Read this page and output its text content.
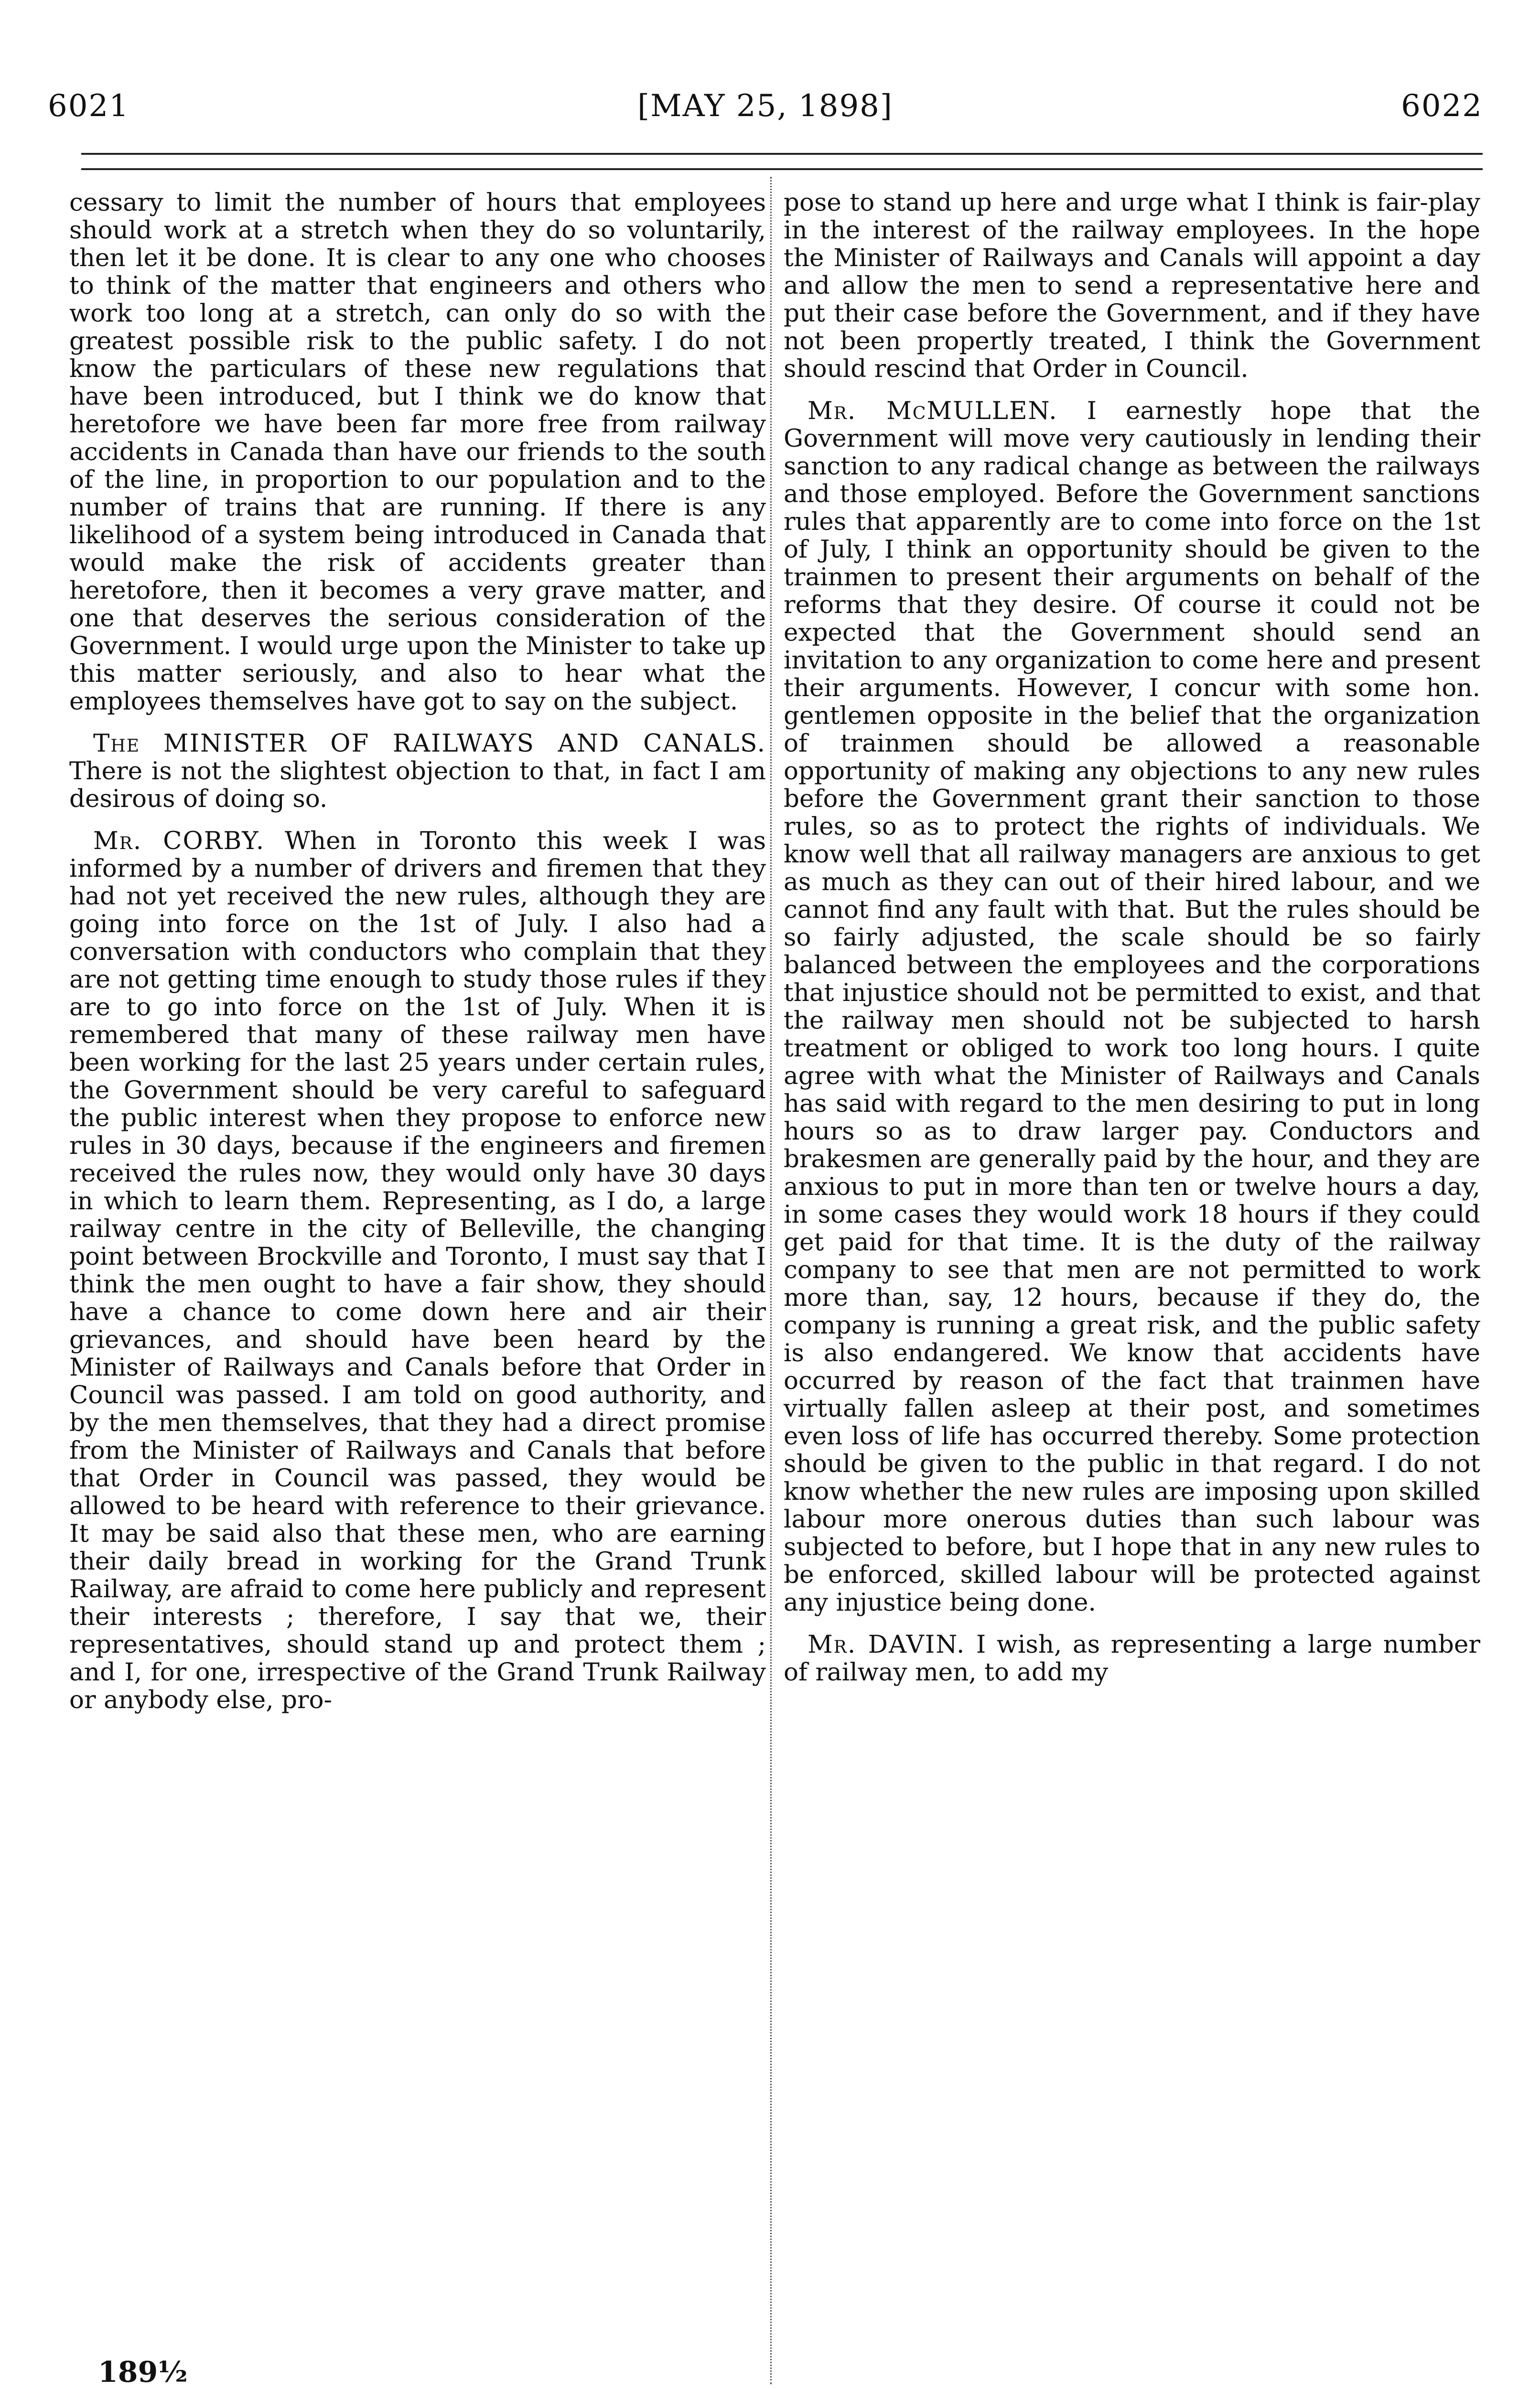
6021	[MAY 25, 1898]	6022

cessary to limit the number of hours that employees should work at a stretch when they do so voluntarily, then let it be done. It is clear to any one who chooses to think of the matter that engineers and others who work too long at a stretch, can only do so with the greatest possible risk to the public safety. I do not know the particulars of these new regulations that have been introduced, but I think we do know that heretofore we have been far more free from railway accidents in Canada than have our friends to the south of the line, in proportion to our population and to the number of trains that are running. If there is any likelihood of a system being introduced in Canada that would make the risk of accidents greater than heretofore, then it becomes a very grave matter, and one that deserves the serious consideration of the Government. I would urge upon the Minister to take up this matter seriously, and also to hear what the employees themselves have got to say on the subject.

The MINISTER OF RAILWAYS AND CANALS. There is not the slightest objection to that, in fact I am desirous of doing so.

Mr. CORBY. When in Toronto this week I was informed by a number of drivers and firemen that they had not yet received the new rules, although they are going into force on the 1st of July. I also had a conversation with conductors who complain that they are not getting time enough to study those rules if they are to go into force on the 1st of July. When it is remembered that many of these railway men have been working for the last 25 years under certain rules, the Government should be very careful to safeguard the public interest when they propose to enforce new rules in 30 days, because if the engineers and firemen received the rules now, they would only have 30 days in which to learn them. Representing, as I do, a large railway centre in the city of Belleville, the changing point between Brockville and Toronto, I must say that I think the men ought to have a fair show, they should have a chance to come down here and air their grievances, and should have been heard by the Minister of Railways and Canals before that Order in Council was passed. I am told on good authority, and by the men themselves, that they had a direct promise from the Minister of Railways and Canals that before that Order in Council was passed, they would be allowed to be heard with reference to their grievance. It may be said also that these men, who are earning their daily bread in working for the Grand Trunk Railway, are afraid to come here publicly and represent their interests ; therefore, I say that we, their representatives, should stand up and protect them ; and I, for one, irrespective of the Grand Trunk Railway or anybody else, pro-

pose to stand up here and urge what I think is fair-play in the interest of the railway employees. In the hope the Minister of Railways and Canals will appoint a day and allow the men to send a representative here and put their case before the Government, and if they have not been propertly treated, I think the Government should rescind that Order in Council.

Mr. McMULLEN. I earnestly hope that the Government will move very cautiously in lending their sanction to any radical change as between the railways and those employed. Before the Government sanctions rules that apparently are to come into force on the 1st of July, I think an opportunity should be given to the trainmen to present their arguments on behalf of the reforms that they desire. Of course it could not be expected that the Government should send an invitation to any organization to come here and present their arguments. However, I concur with some hon. gentlemen opposite in the belief that the organization of trainmen should be allowed a reasonable opportunity of making any objections to any new rules before the Government grant their sanction to those rules, so as to protect the rights of individuals. We know well that all railway managers are anxious to get as much as they can out of their hired labour, and we cannot find any fault with that. But the rules should be so fairly adjusted, the scale should be so fairly balanced between the employees and the corporations that injustice should not be permitted to exist, and that the railway men should not be subjected to harsh treatment or obliged to work too long hours. I quite agree with what the Minister of Railways and Canals has said with regard to the men desiring to put in long hours so as to draw larger pay. Conductors and brakesmen are generally paid by the hour, and they are anxious to put in more than ten or twelve hours a day, in some cases they would work 18 hours if they could get paid for that time. It is the duty of the railway company to see that men are not permitted to work more than, say, 12 hours, because if they do, the company is running a great risk, and the public safety is also endangered. We know that accidents have occurred by reason of the fact that trainmen have virtually fallen asleep at their post, and sometimes even loss of life has occurred thereby. Some protection should be given to the public in that regard. I do not know whether the new rules are imposing upon skilled labour more onerous duties than such labour was subjected to before, but I hope that in any new rules to be enforced, skilled labour will be protected against any injustice being done.

Mr. DAVIN. I wish, as representing a large number of railway men, to add my

189½
